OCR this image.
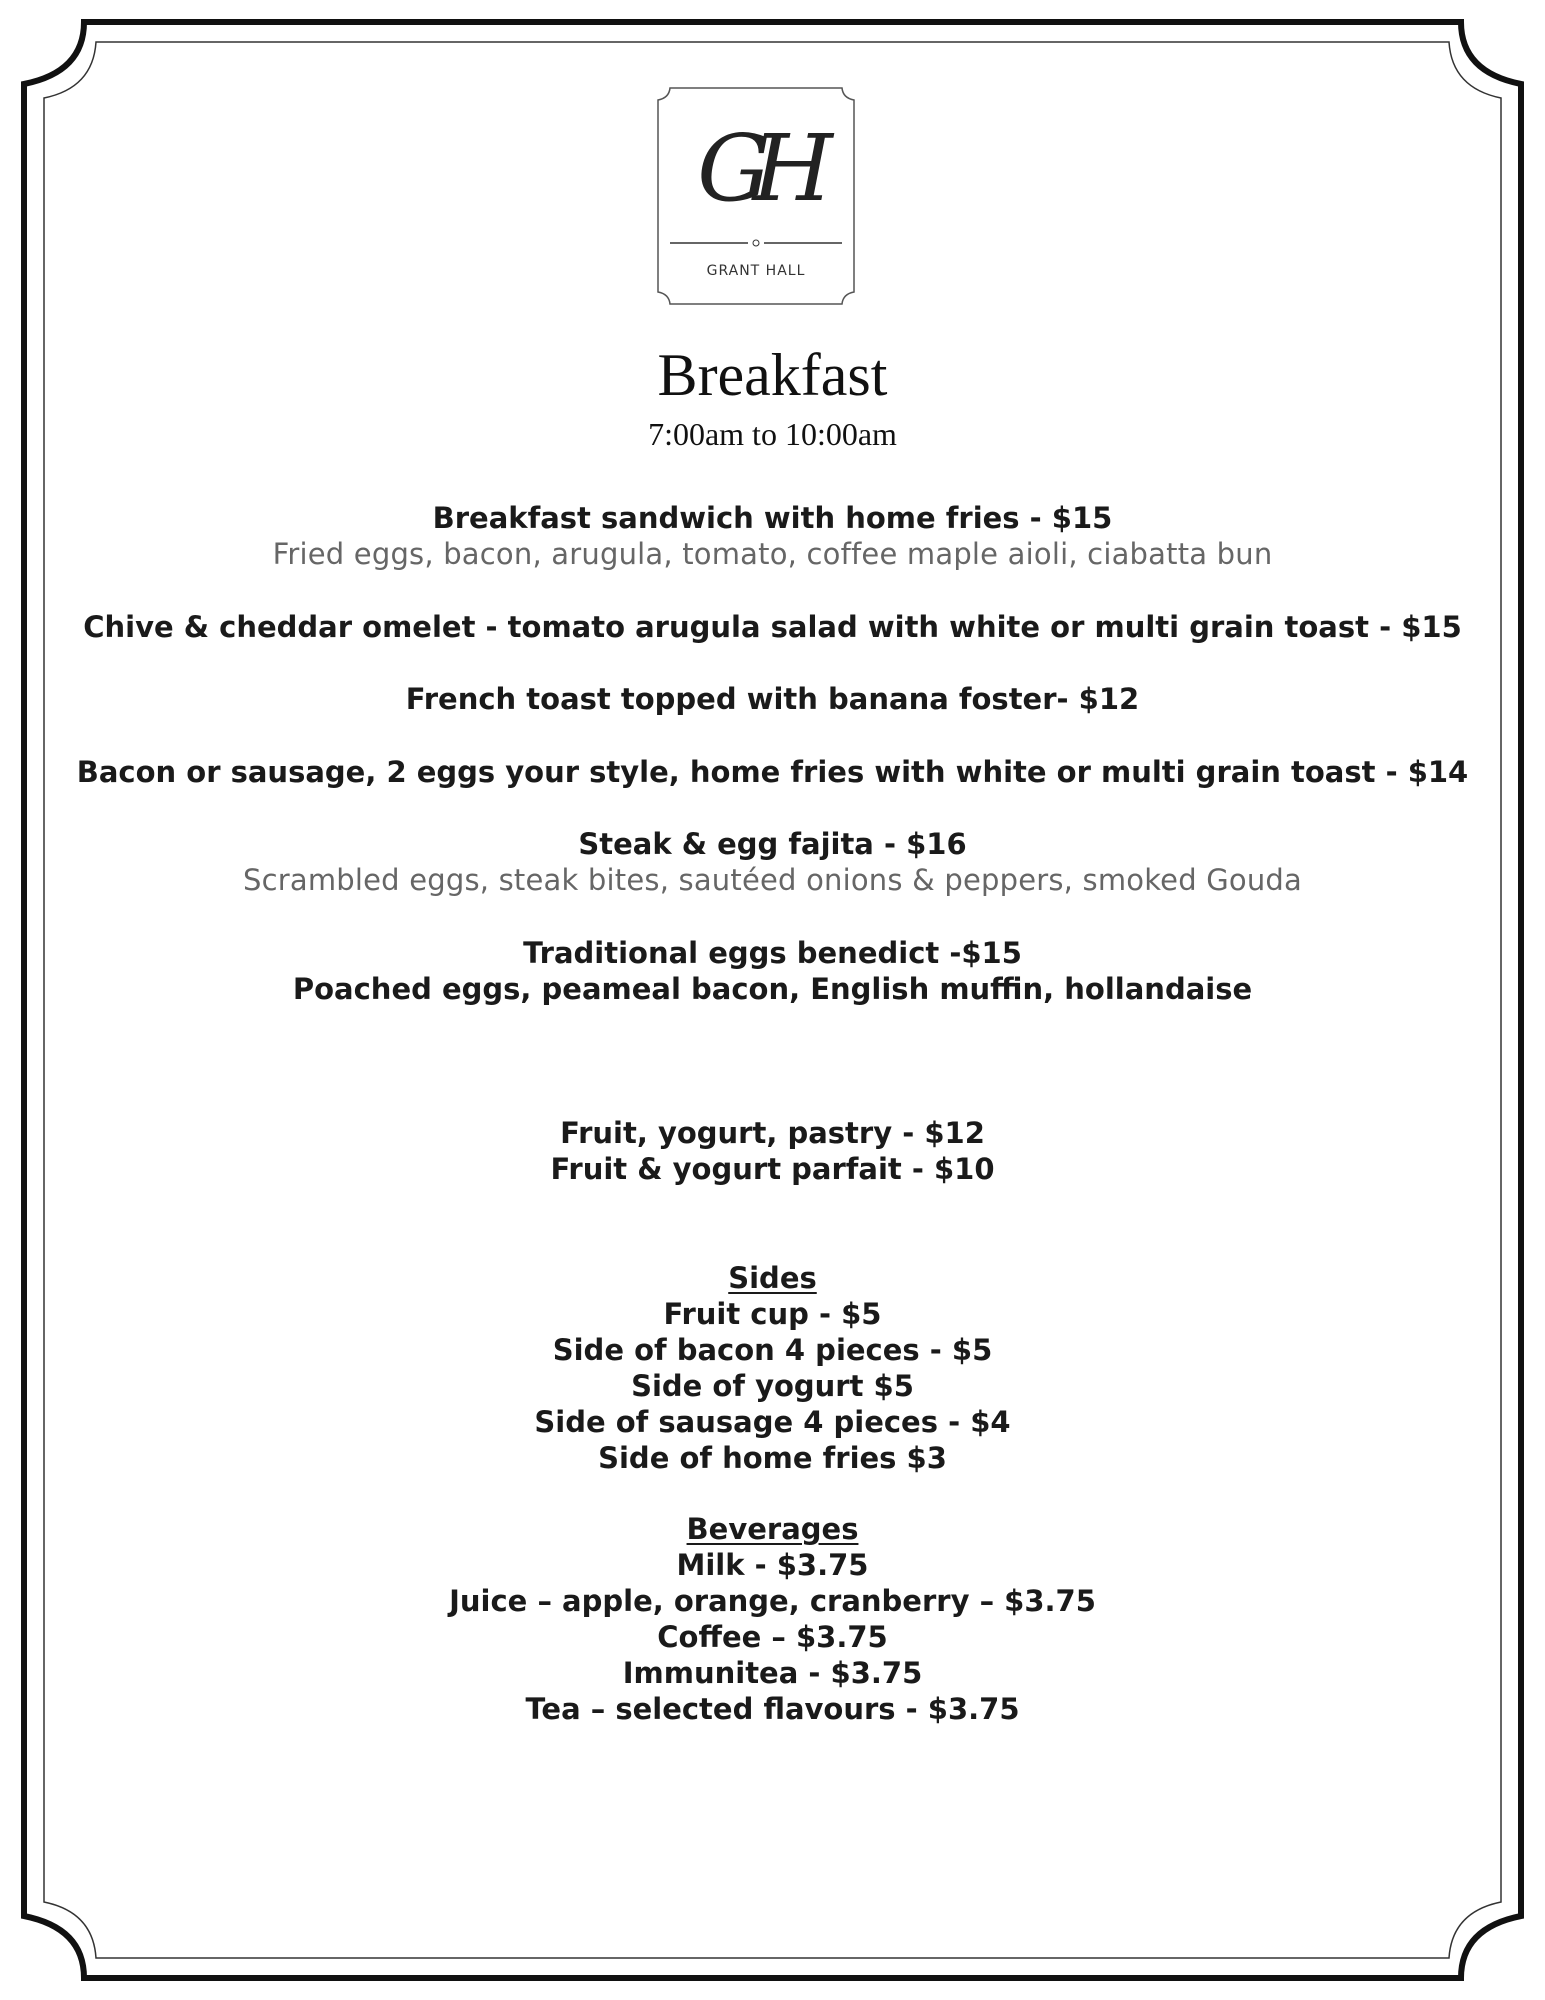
GH
GRANT HALL
Breakfast
7:00am to 10:00am
Breakfast sandwich with home fries - $15
Fried eggs, bacon, arugula, tomato, coffee maple aioli, ciabatta bun
Chive & cheddar omelet - tomato arugula salad with white or multi grain toast - $15
French toast topped with banana foster- $12
Bacon or sausage, 2 eggs your style, home fries with white or multi grain toast - $14
Steak & egg fajita - $16
Scrambled eggs, steak bites, sautéed onions & peppers, smoked Gouda
Traditional eggs benedict -$15
Poached eggs, peameal bacon, English muffin, hollandaise
Fruit, yogurt, pastry - $12
Fruit & yogurt parfait - $10
Sides
Fruit cup - $5
Side of bacon 4 pieces - $5
Side of yogurt $5
Side of sausage 4 pieces - $4
Side of home fries $3
Beverages
Milk - $3.75
Juice – apple, orange, cranberry – $3.75
Coffee – $3.75
Immunitea - $3.75
Tea – selected flavours - $3.75
